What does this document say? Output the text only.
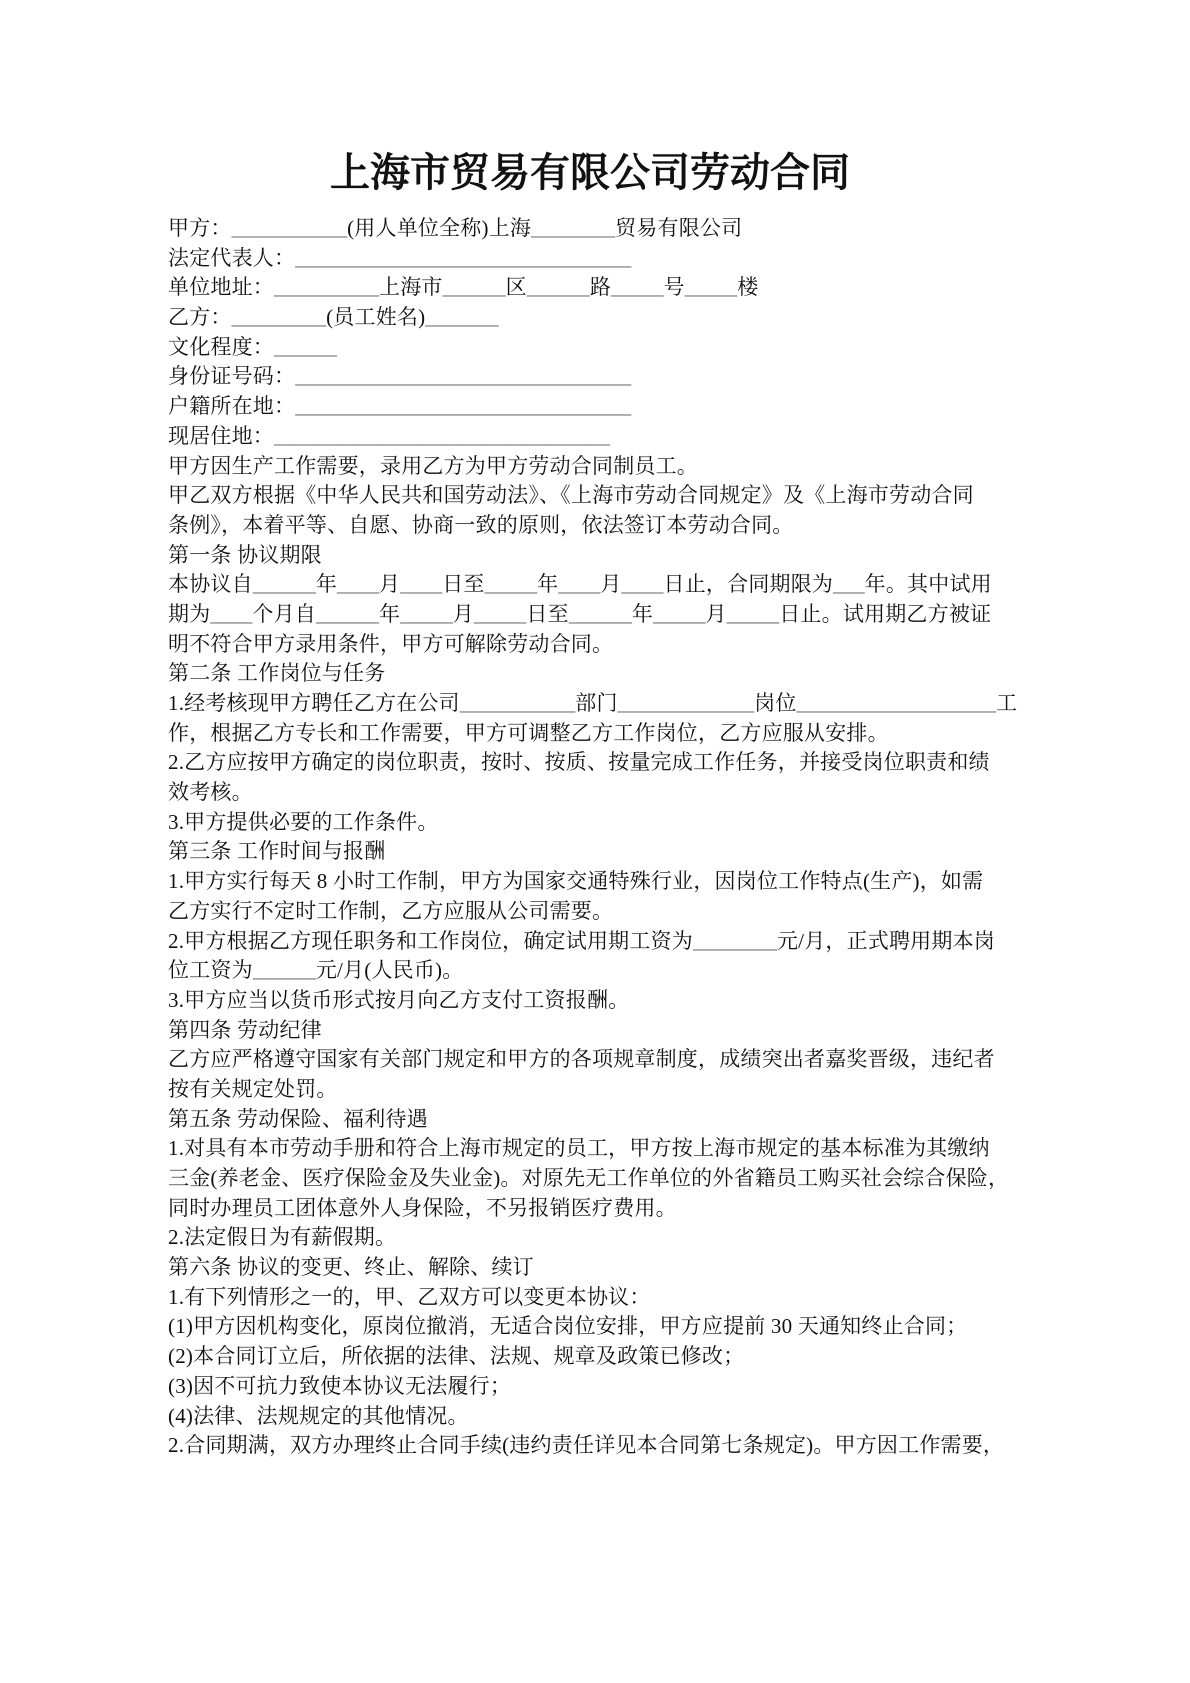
上海市贸易有限公司劳动合同
甲方：___________(用人单位全称)上海________贸易有限公司
法定代表人：________________________________
单位地址：__________上海市______区______路_____号_____楼
乙方：_________(员工姓名)_______
文化程度：______
身份证号码：________________________________
户籍所在地：________________________________
现居住地：________________________________
甲方因生产工作需要，录用乙方为甲方劳动合同制员工。
甲乙双方根据《中华人民共和国劳动法》、《上海市劳动合同规定》及《上海市劳动合同
条例》，本着平等、自愿、协商一致的原则，依法签订本劳动合同。
第一条 协议期限
本协议自______年____月____日至_____年____月____日止，合同期限为___年。其中试用
期为____个月自______年_____月_____日至______年_____月_____日止。试用期乙方被证
明不符合甲方录用条件，甲方可解除劳动合同。
第二条 工作岗位与任务
1.经考核现甲方聘任乙方在公司___________部门_____________岗位___________________工
作，根据乙方专长和工作需要，甲方可调整乙方工作岗位，乙方应服从安排。
2.乙方应按甲方确定的岗位职责，按时、按质、按量完成工作任务，并接受岗位职责和绩
效考核。
3.甲方提供必要的工作条件。
第三条 工作时间与报酬
1.甲方实行每天 8 小时工作制，甲方为国家交通特殊行业，因岗位工作特点(生产)，如需
乙方实行不定时工作制，乙方应服从公司需要。
2.甲方根据乙方现任职务和工作岗位，确定试用期工资为________元/月，正式聘用期本岗
位工资为______元/月(人民币)。
3.甲方应当以货币形式按月向乙方支付工资报酬。
第四条 劳动纪律
乙方应严格遵守国家有关部门规定和甲方的各项规章制度，成绩突出者嘉奖晋级，违纪者
按有关规定处罚。
第五条 劳动保险、福利待遇
1.对具有本市劳动手册和符合上海市规定的员工，甲方按上海市规定的基本标准为其缴纳
三金(养老金、医疗保险金及失业金)。对原先无工作单位的外省籍员工购买社会综合保险，
同时办理员工团体意外人身保险，不另报销医疗费用。
2.法定假日为有薪假期。
第六条 协议的变更、终止、解除、续订
1.有下列情形之一的，甲、乙双方可以变更本协议：
(1)甲方因机构变化，原岗位撤消，无适合岗位安排，甲方应提前 30 天通知终止合同；
(2)本合同订立后，所依据的法律、法规、规章及政策已修改；
(3)因不可抗力致使本协议无法履行；
(4)法律、法规规定的其他情况。
2.合同期满，双方办理终止合同手续(违约责任详见本合同第七条规定)。甲方因工作需要，
